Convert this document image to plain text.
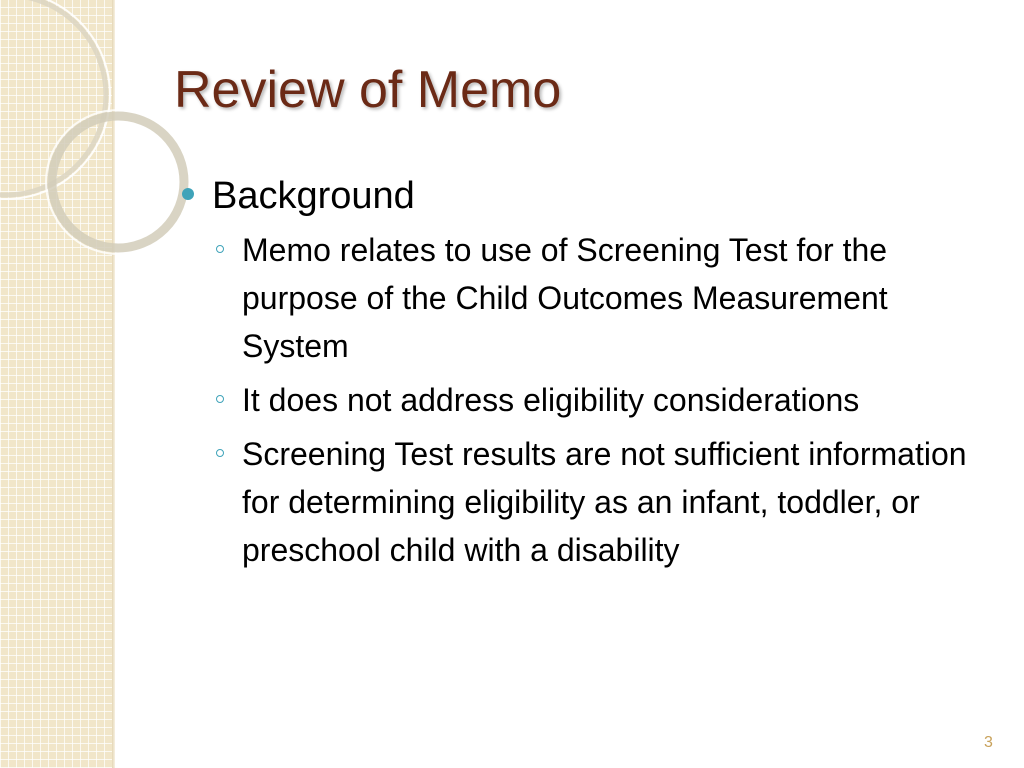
Review of Memo
Background
Memo relates to use of Screening Test for the purpose of the Child Outcomes Measurement System
It does not address eligibility considerations
Screening Test results are not sufficient information for determining eligibility as an infant, toddler, or preschool child with a disability
3
